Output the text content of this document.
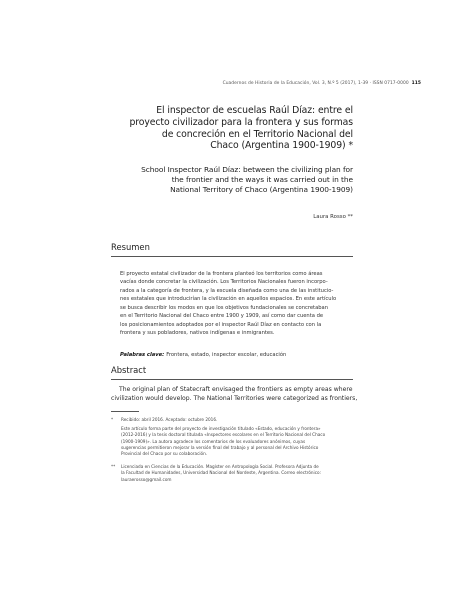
Cuadernos de Historia de la Educación, Vol. 3, N.º 5 (2017), 1-39 · ISSN 0717-0000 115
El inspector de escuelas Raúl Díaz: entre el
proyecto civilizador para la frontera y sus formas
de concreción en el Territorio Nacional del
Chaco (Argentina 1900-1909) *
School Inspector Raúl Díaz: between the civilizing plan for
the frontier and the ways it was carried out in the
National Territory of Chaco (Argentina 1900-1909)
Laura Rosso **
Resumen
El proyecto estatal civilizador de la frontera planteó los territorios como áreas
vacías donde concretar la civilización. Los Territorios Nacionales fueron incorpo-
rados a la categoría de frontera, y la escuela diseñada como una de las institucio-
nes estatales que introducirían la civilización en aquellos espacios. En este artículo
se busca describir los modos en que los objetivos fundacionales se concretaban
en el Territorio Nacional del Chaco entre 1900 y 1909, así como dar cuenta de
los posicionamientos adoptados por el inspector Raúl Díaz en contacto con la
frontera y sus pobladores, nativos indígenas e inmigrantes.
Palabras clave: Frontera, estado, inspector escolar, educación
Abstract
The original plan of Statecraft envisaged the frontiers as empty areas where
civilization would develop. The National Territories were categorized as frontiers,
* Recibido: abril 2016. Aceptado: octubre 2016.
Este artículo forma parte del proyecto de investigación titulado «Estado, educación y frontera»
(2012-2016) y la tesis doctoral titulada «Inspectores escolares en el Territorio Nacional del Chaco
(1900-1909)». La autora agradece los comentarios de los evaluadores anónimos, cuyas
sugerencias permitieron mejorar la versión final del trabajo y al personal del Archivo Histórico
Provincial del Chaco por su colaboración.
** Licenciada en Ciencias de la Educación. Magíster en Antropología Social. Profesora Adjunta de
la Facultad de Humanidades, Universidad Nacional del Nordeste, Argentina. Correo electrónico:
lauraerosso@gmail.com
